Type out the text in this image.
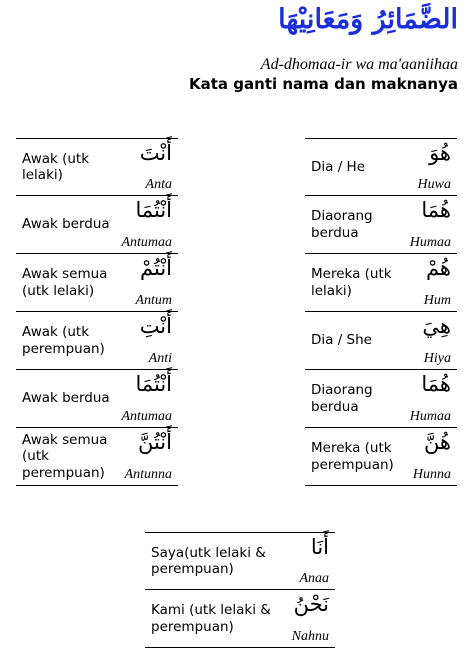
الضَّمَائِرُ وَمَعَانِيْهَا
Ad-dhomaa-ir wa ma'aaniihaa
Kata ganti nama dan maknanya
Awak (utk lelaki)
أَنْتَ
Anta
Awak berdua
أَنْتُمَا
Antumaa
Awak semua (utk lelaki)
أَنْتُمْ
Antum
Awak (utk perempuan)
أَنْتِ
Anti
Awak berdua
أَنْتُمَا
Antumaa
Awak semua (utk perempuan)
أَنْتُنَّ
Antunna
Dia / He
هُوَ
Huwa
Diaorang berdua
هُمَا
Humaa
Mereka (utk lelaki)
هُمْ
Hum
Dia / She
هِيَ
Hiya
Diaorang berdua
هُمَا
Humaa
Mereka (utk perempuan)
هُنَّ
Hunna
Saya(utk lelaki & perempuan)
أَنَا
Anaa
Kami (utk lelaki & perempuan)
نَحْنُ
Nahnu
